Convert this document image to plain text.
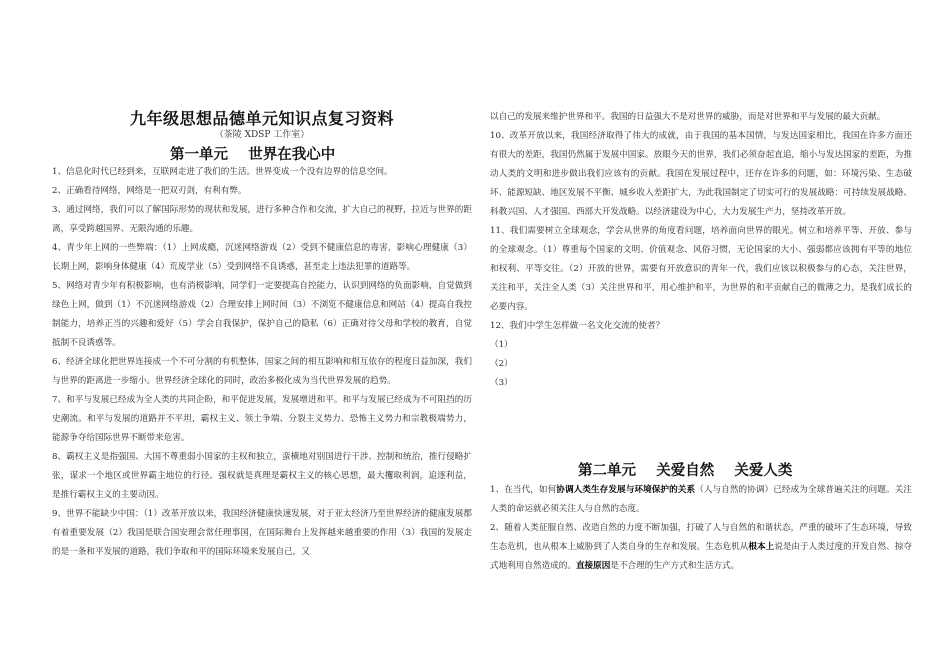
九年级思想品德单元知识点复习资料
（茶陵 XDSP 工作室）
第一单元    世界在我心中

1、信息化时代已经到来，互联网走进了我们的生活。世界变成一个没有边界的信息空间。

2、正确看待网络，网络是一把双刃剑，有利有弊。

3、通过网络，我们可以了解国际形势的现状和发展，进行多种合作和交流，扩大自己的视野，拉近与世界的距离，享受跨越国界、无限沟通的乐趣。

4、青少年上网的一些弊端：（1）上网成瘾，沉迷网络游戏（2）受到不健康信息的毒害，影响心理健康（3）长期上网，影响身体健康（4）荒废学业（5）受到网络不良诱惑，甚至走上违法犯罪的道路等。

5、网络对青少年有积极影响，也有消极影响，同学们一定要提高自控能力，认识到网络的负面影响，自觉做到绿色上网，做到（1）不沉迷网络游戏（2）合理安排上网时间（3）不浏览不健康信息和网站（4）提高自我控制能力，培养正当的兴趣和爱好（5）学会自我保护，保护自己的隐私（6）正确对待父母和学校的教育，自觉抵制不良诱惑等。

6、经济全球化把世界连接成一个不可分割的有机整体，国家之间的相互影响和相互依存的程度日益加深，我们与世界的距离进一步缩小。世界经济全球化的同时，政治多极化成为当代世界发展的趋势。

7、和平与发展已经成为全人类的共同企盼，和平促进发展，发展增进和平。和平与发展已经成为不可阻挡的历史潮流。和平与发展的道路并不平坦，霸权主义、领土争端、分裂主义势力、恐怖主义势力和宗教极端势力，能源争夺给国际世界不断带来危害。

8、霸权主义是指强国、大国不尊重弱小国家的主权和独立，蛮横地对别国进行干涉、控制和统治，推行侵略扩张，谋求一个地区或世界霸主地位的行径。强权就是真理是霸权主义的核心思想，最大攫取利润，追逐利益，是推行霸权主义的主要动因。

9、世界不能缺少中国：（1）改革开放以来，我国经济健康快速发展，对于亚太经济乃至世界经济的健康发展都有着重要发展（2）我国是联合国安理会常任理事国，在国际舞台上发挥越来越重要的作用（3）我国的发展走的是一条和平发展的道路，我们争取和平的国际环境来发展自己，又

以自己的发展来维护世界和平。我国的日益强大不是对世界的威胁，而是对世界和平与发展的最大贡献。

10、改革开放以来，我国经济取得了伟大的成就，由于我国的基本国情，与发达国家相比，我国在许多方面还有很大的差距，我国仍然属于发展中国家。放眼今天的世界，我们必须奋起直追，缩小与发达国家的差距，为推动人类的文明和进步做出我们应该有的贡献。我国在发展过程中，还存在许多的问题，如：环境污染、生态破坏、能源短缺、地区发展不平衡、城乡收入差距扩大，为此我国制定了切实可行的发展战略：可持续发展战略、科教兴国、人才强国、西部大开发战略。以经济建设为中心，大力发展生产力，坚持改革开放。

11、我们需要树立全球观念，学会从世界的角度看问题，培养面向世界的眼光。树立和培养平等、开放、参与的全球观念。（1）尊重每个国家的文明、价值观念、风俗习惯，无论国家的大小、强弱都应该拥有平等的地位和权利、平等交往。（2）开放的世界，需要有开放意识的青年一代，我们应该以积极参与的心态，关注世界，关注和平，关注全人类（3）关注世界和平，用心维护和平，为世界的和平贡献自己的微薄之力，是我们成长的 必要内容。

12、我们中学生怎样做一名文化交流的使者？

（1）

（2）

（3）

第二单元    关爱自然    关爱人类

1、在当代，如何协调人类生存发展与环境保护的关系（人与自然的协调）已经成为全球普遍关注的问题。关注人类的命运就必须关注人与自然的态度。

2、随着人类征服自然、改造自然的力度不断加强，打破了人与自然的和谐状态，严重的破坏了生态环境，导致生态危机，也从根本上威胁到了人类自身的生存和发展。生态危机从根本上说是由于人类过度的开发自然、掠夺式地利用自然造成的。直接原因是不合理的生产方式和生活方式。
